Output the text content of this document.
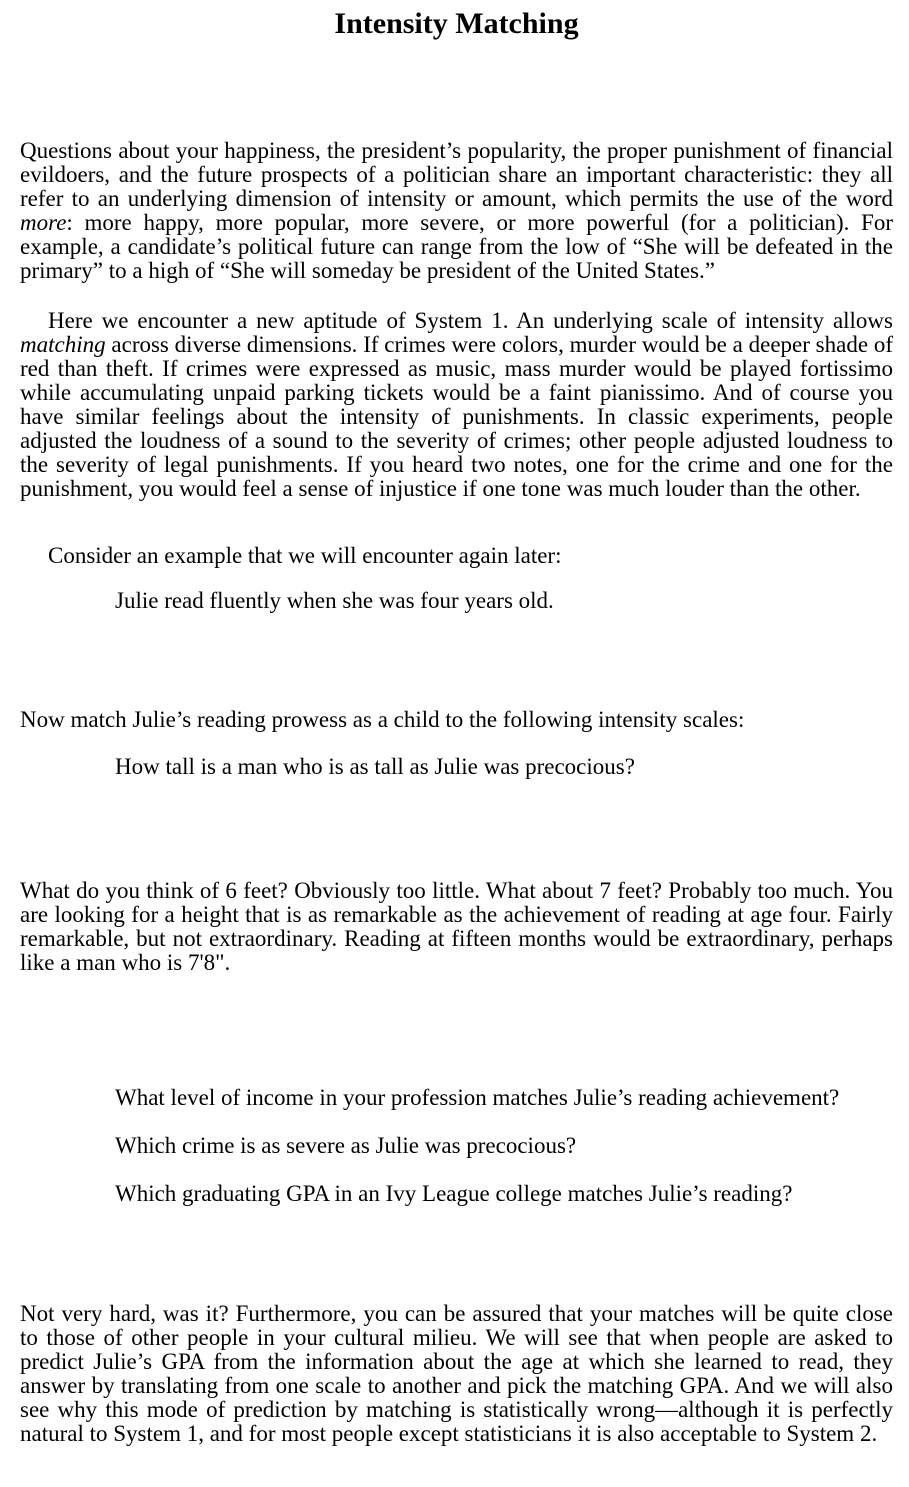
Intensity Matching

Questions about your happiness, the president’s popularity, the proper punishment of financial evildoers, and the future prospects of a politician share an important characteristic: they all refer to an underlying dimension of intensity or amount, which permits the use of the word more: more happy, more popular, more severe, or more powerful (for a politician). For example, a candidate’s political future can range from the low of “She will be defeated in the primary” to a high of “She will someday be president of the United States.”

Here we encounter a new aptitude of System 1. An underlying scale of intensity allows matching across diverse dimensions. If crimes were colors, murder would be a deeper shade of red than theft. If crimes were expressed as music, mass murder would be played fortissimo while accumulating unpaid parking tickets would be a faint pianissimo. And of course you have similar feelings about the intensity of punishments. In classic experiments, people adjusted the loudness of a sound to the severity of crimes; other people adjusted loudness to the severity of legal punishments. If you heard two notes, one for the crime and one for the punishment, you would feel a sense of injustice if one tone was much louder than the other.

Consider an example that we will encounter again later:

Julie read fluently when she was four years old.

Now match Julie’s reading prowess as a child to the following intensity scales:

How tall is a man who is as tall as Julie was precocious?

What do you think of 6 feet? Obviously too little. What about 7 feet? Probably too much. You are looking for a height that is as remarkable as the achievement of reading at age four. Fairly remarkable, but not extraordinary. Reading at fifteen months would be extraordinary, perhaps like a man who is 7'8".

What level of income in your profession matches Julie’s reading achievement?

Which crime is as severe as Julie was precocious?

Which graduating GPA in an Ivy League college matches Julie’s reading?

Not very hard, was it? Furthermore, you can be assured that your matches will be quite close to those of other people in your cultural milieu. We will see that when people are asked to predict Julie’s GPA from the information about the age at which she learned to read, they answer by translating from one scale to another and pick the matching GPA. And we will also see why this mode of prediction by matching is statistically wrong—although it is perfectly natural to System 1, and for most people except statisticians it is also acceptable to System 2.
